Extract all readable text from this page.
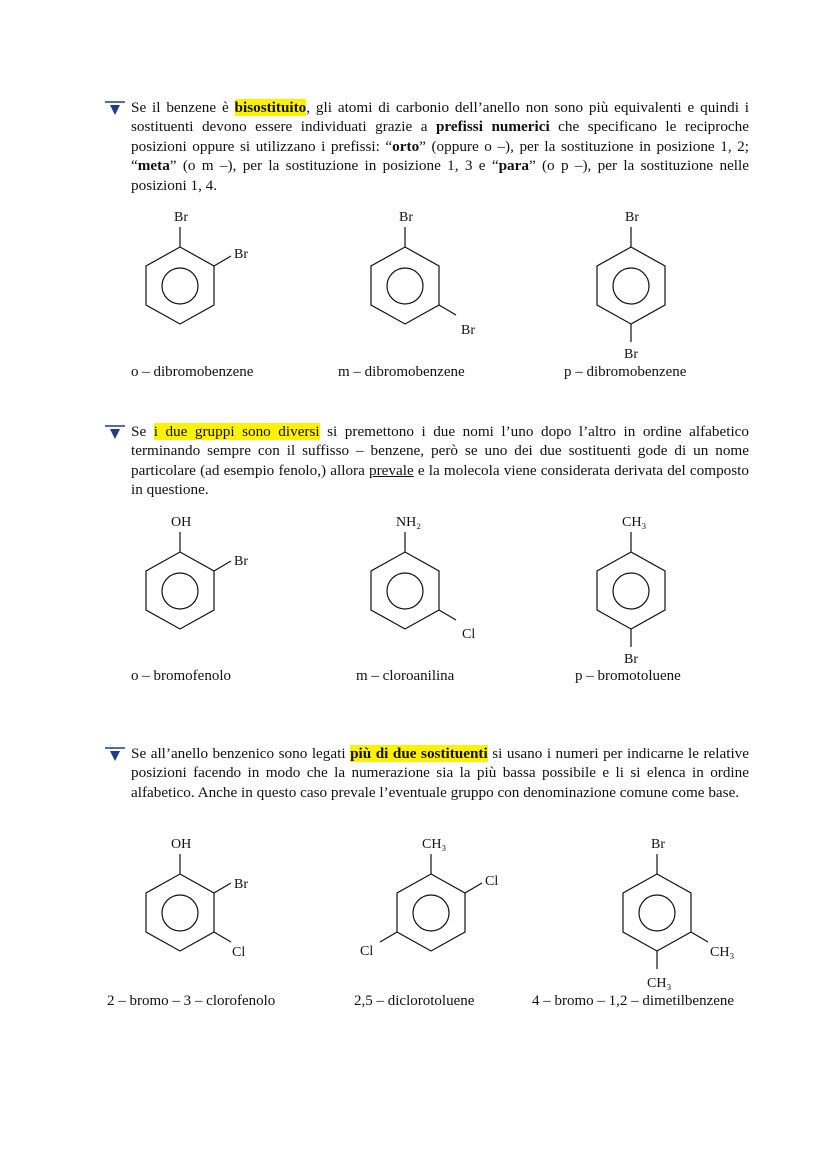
Se il benzene è bisostituito, gli atomi di carbonio dell’anello non sono più equivalenti e quindi i sostituenti devono essere individuati grazie a prefissi numerici che specificano le reciproche posizioni oppure si utilizzano i prefissi: “orto” (oppure o –), per la sostituzione in posizione 1, 2; “meta” (o m –), per la sostituzione in posizione 1, 3 e “para” (o p –), per la sostituzione nelle posizioni 1, 4.

Br
Br
o – dibromobenzene
Br
Br
m – dibromobenzene
Br
Br
p – dibromobenzene

Se i due gruppi sono diversi si premettono i due nomi l’uno dopo l’altro in ordine alfabetico terminando sempre con il suffisso – benzene, però se uno dei due sostituenti gode di un nome particolare (ad esempio fenolo,) allora prevale e la molecola viene considerata derivata del composto in questione.

OH
Br
o – bromofenolo
NH₂
Cl
m – cloroanilina
CH₃
Br
p – bromotoluene

Se all’anello benzenico sono legati più di due sostituenti si usano i numeri per indicarne le relative posizioni facendo in modo che la numerazione sia la più bassa possibile e li si elenca in ordine alfabetico. Anche in questo caso prevale l’eventuale gruppo con denominazione comune come base.

OH
Br
Cl
2 – bromo – 3 – clorofenolo
CH₃
Cl
Cl
2,5 – diclorotoluene
Br
CH₃
CH₃
4 – bromo – 1,2 – dimetilbenzene
